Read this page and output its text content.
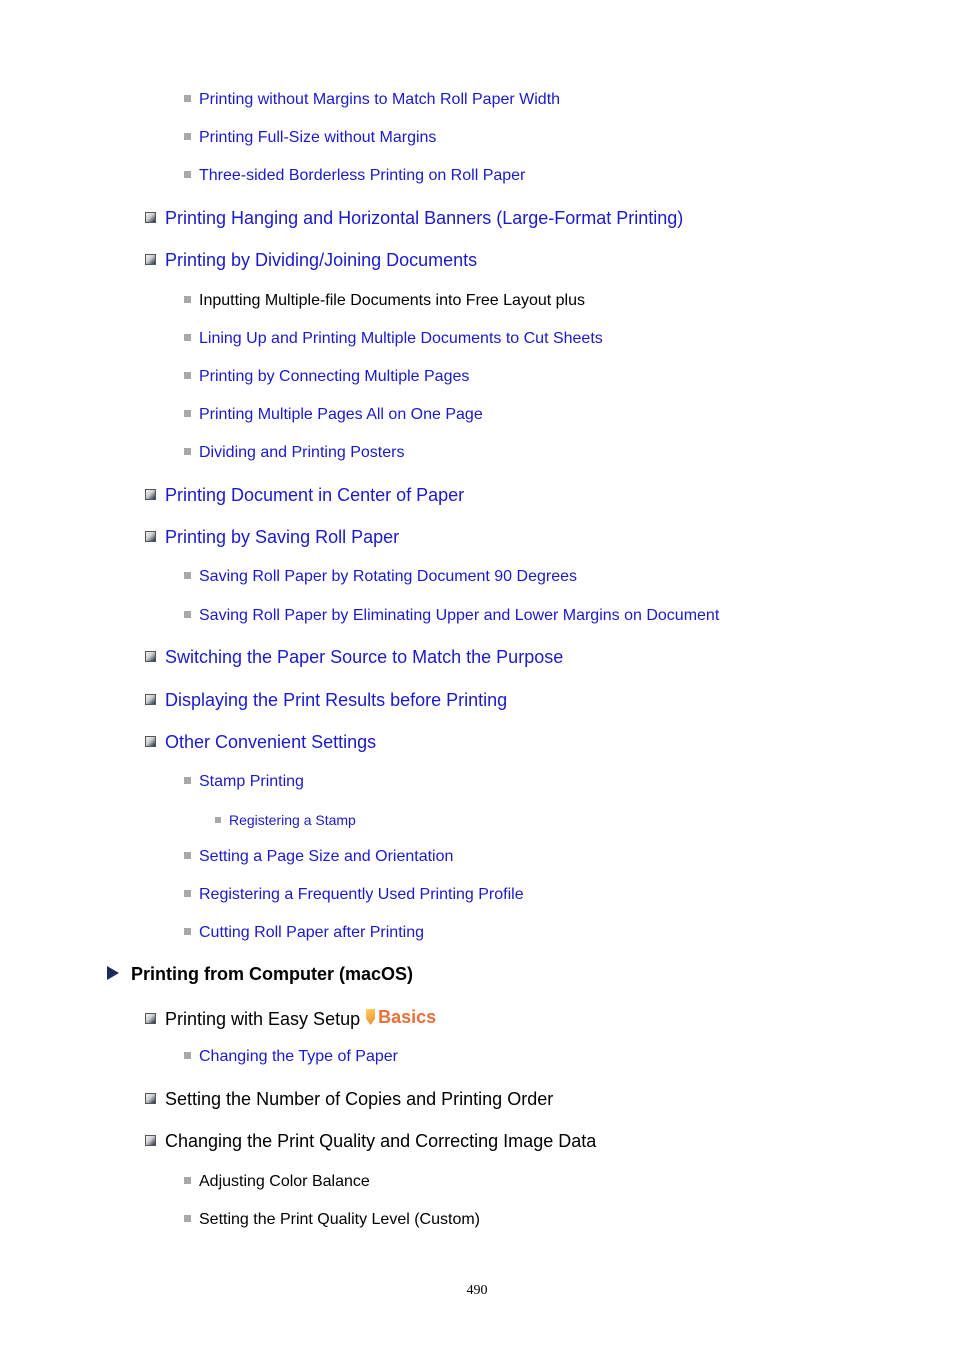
Printing without Margins to Match Roll Paper Width
Printing Full-Size without Margins
Three-sided Borderless Printing on Roll Paper
Printing Hanging and Horizontal Banners (Large-Format Printing)
Printing by Dividing/Joining Documents
Inputting Multiple-file Documents into Free Layout plus
Lining Up and Printing Multiple Documents to Cut Sheets
Printing by Connecting Multiple Pages
Printing Multiple Pages All on One Page
Dividing and Printing Posters
Printing Document in Center of Paper
Printing by Saving Roll Paper
Saving Roll Paper by Rotating Document 90 Degrees
Saving Roll Paper by Eliminating Upper and Lower Margins on Document
Switching the Paper Source to Match the Purpose
Displaying the Print Results before Printing
Other Convenient Settings
Stamp Printing
Registering a Stamp
Setting a Page Size and Orientation
Registering a Frequently Used Printing Profile
Cutting Roll Paper after Printing
Printing from Computer (macOS)
Printing with Easy Setup Basics
Changing the Type of Paper
Setting the Number of Copies and Printing Order
Changing the Print Quality and Correcting Image Data
Adjusting Color Balance
Setting the Print Quality Level (Custom)
490
